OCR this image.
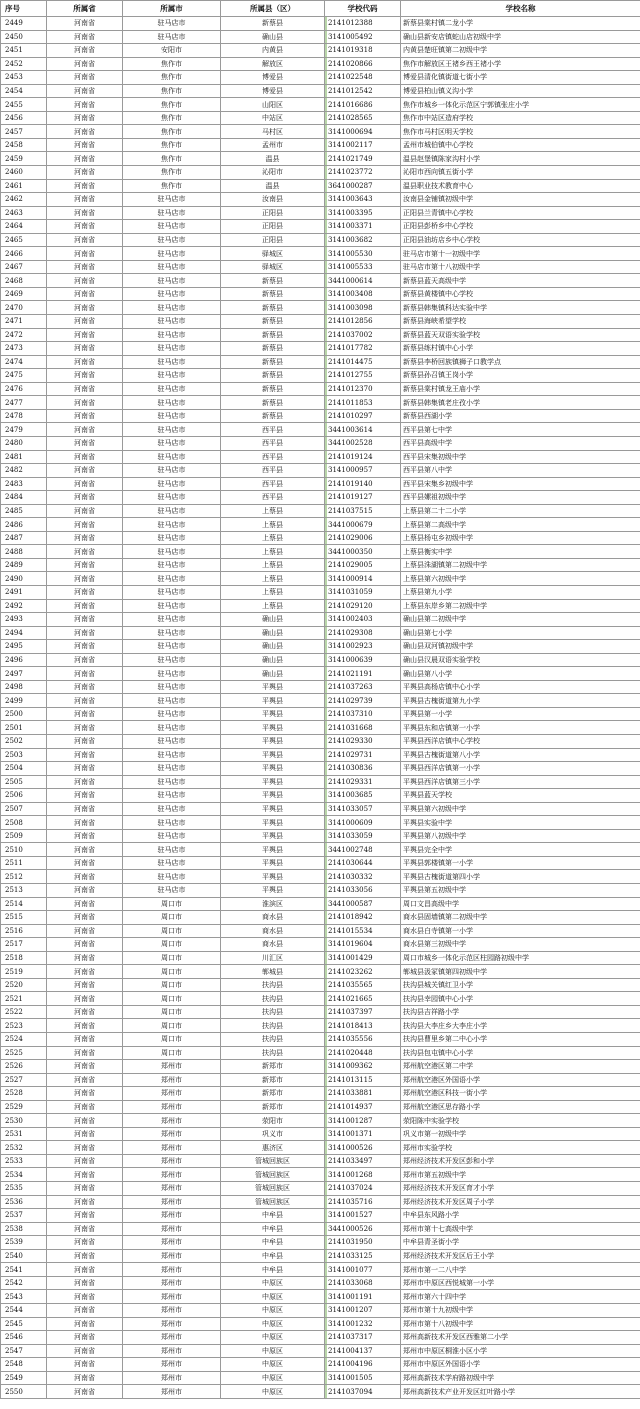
序号	所属省	所属市	所属县（区）	学校代码	学校名称
2449	河南省	驻马店市	新蔡县	2141012388	新蔡县棠村镇二龙小学
2450	河南省	驻马店市	确山县	3141005492	确山县新安店镇蛇山店初级中学
2451	河南省	安阳市	内黄县	2141019318	内黄县楚旺镇第二初级中学
2452	河南省	焦作市	解放区	2141020866	焦作市解放区王褚乡西王褚小学
2453	河南省	焦作市	博爱县	2141022548	博爱县清化镇街道七街小学
2454	河南省	焦作市	博爱县	2141012542	博爱县柏山镇义沟小学
2455	河南省	焦作市	山阳区	2141016686	焦作市城乡一体化示范区宁郭镇张庄小学
2456	河南省	焦作市	中站区	2141028565	焦作市中站区造府学校
2457	河南省	焦作市	马村区	3141000694	焦作市马村区明天学校
2458	河南省	焦作市	孟州市	3141002117	孟州市城伯镇中心学校
2459	河南省	焦作市	温县	2141021749	温县赵堡镇陈家沟村小学
2460	河南省	焦作市	沁阳市	2141023772	沁阳市西向镇五街小学
2461	河南省	焦作市	温县	3641000287	温县职业技术教育中心
2462	河南省	驻马店市	汝南县	3141003643	汝南县金铺镇初级中学
2463	河南省	驻马店市	正阳县	3141003395	正阳县兰青镇中心学校
2464	河南省	驻马店市	正阳县	3141003371	正阳县彭桥乡中心学校
2465	河南省	驻马店市	正阳县	3141003682	正阳县油坊店乡中心学校
2466	河南省	驻马店市	驿城区	3141005530	驻马店市第十一初级中学
2467	河南省	驻马店市	驿城区	3141005533	驻马店市第十八初级中学
2468	河南省	驻马店市	新蔡县	3441000614	新蔡县蓝天高级中学
2469	河南省	驻马店市	新蔡县	3141003408	新蔡县黄楼镇中心学校
2470	河南省	驻马店市	新蔡县	3141003098	新蔡县韩集镇科达实验中学
2471	河南省	驻马店市	新蔡县	2141012856	新蔡县海峡希望学校
2472	河南省	驻马店市	新蔡县	2141037002	新蔡县蓝天双语实验学校
2473	河南省	驻马店市	新蔡县	2141017782	新蔡县练村镇中心小学
2474	河南省	驻马店市	新蔡县	2141014475	新蔡县李桥回族镇狮子口教学点
2475	河南省	驻马店市	新蔡县	2141012755	新蔡县孙召镇王岗小学
2476	河南省	驻马店市	新蔡县	2141012370	新蔡县棠村镇龙王庙小学
2477	河南省	驻马店市	新蔡县	2141011853	新蔡县韩集镇老庄孜小学
2478	河南省	驻马店市	新蔡县	2141010297	新蔡县西湖小学
2479	河南省	驻马店市	西平县	3441003614	西平县第七中学
2480	河南省	驻马店市	西平县	3441002528	西平县高级中学
2481	河南省	驻马店市	西平县	2141019124	西平县宋集初级中学
2482	河南省	驻马店市	西平县	3141000957	西平县第八中学
2483	河南省	驻马店市	西平县	2141019140	西平县宋集乡初级中学
2484	河南省	驻马店市	西平县	2141019127	西平县嫘祖初级中学
2485	河南省	驻马店市	上蔡县	2141037515	上蔡县第二十二小学
2486	河南省	驻马店市	上蔡县	3441000679	上蔡县第二高级中学
2487	河南省	驻马店市	上蔡县	2141029006	上蔡县杨屯乡初级中学
2488	河南省	驻马店市	上蔡县	3441000350	上蔡县衡实中学
2489	河南省	驻马店市	上蔡县	2141029005	上蔡县洙湖镇第二初级中学
2490	河南省	驻马店市	上蔡县	3141000914	上蔡县第六初级中学
2491	河南省	驻马店市	上蔡县	3141031059	上蔡县第九小学
2492	河南省	驻马店市	上蔡县	2141029120	上蔡县东岸乡第二初级中学
2493	河南省	驻马店市	确山县	3141002403	确山县第二初级中学
2494	河南省	驻马店市	确山县	2141029308	确山县第七小学
2495	河南省	驻马店市	确山县	3141002923	确山县双河镇初级中学
2496	河南省	驻马店市	确山县	3141000639	确山县汉晨双语实验学校
2497	河南省	驻马店市	确山县	2141021191	确山县第八小学
2498	河南省	驻马店市	平舆县	2141037263	平舆县高杨店镇中心小学
2499	河南省	驻马店市	平舆县	2141029739	平舆县古槐街道第九小学
2500	河南省	驻马店市	平舆县	2141037310	平舆县第一小学
2501	河南省	驻马店市	平舆县	2141031668	平舆县东和店镇第一小学
2502	河南省	驻马店市	平舆县	2141029330	平舆县西洋店镇中心学校
2503	河南省	驻马店市	平舆县	2141029731	平舆县古槐街道第八小学
2504	河南省	驻马店市	平舆县	2141030836	平舆县西洋店镇第一小学
2505	河南省	驻马店市	平舆县	2141029331	平舆县西洋店镇第三小学
2506	河南省	驻马店市	平舆县	3141003685	平舆县蓝天学校
2507	河南省	驻马店市	平舆县	3141033057	平舆县第六初级中学
2508	河南省	驻马店市	平舆县	3141000609	平舆县实验中学
2509	河南省	驻马店市	平舆县	3141033059	平舆县第八初级中学
2510	河南省	驻马店市	平舆县	3441002748	平舆县完全中学
2511	河南省	驻马店市	平舆县	2141030644	平舆县郭楼镇第一小学
2512	河南省	驻马店市	平舆县	2141030332	平舆县古槐街道第四小学
2513	河南省	驻马店市	平舆县	2141033056	平舆县第五初级中学
2514	河南省	周口市	淮滨区	3441000587	周口文昌高级中学
2515	河南省	周口市	商水县	2141018942	商水县固墙镇第二初级中学
2516	河南省	周口市	商水县	2141015534	商水县白寺镇第一小学
2517	河南省	周口市	商水县	3141019604	商水县第三初级中学
2518	河南省	周口市	川汇区	3141001429	周口市城乡一体化示范区柱园路初级中学
2519	河南省	周口市	郸城县	2141023262	郸城县汲冢镇第四初级中学
2520	河南省	周口市	扶沟县	2141035565	扶沟县城关镇红卫小学
2521	河南省	周口市	扶沟县	2141021665	扶沟县幸园镇中心小学
2522	河南省	周口市	扶沟县	2141037397	扶沟县吉祥路小学
2523	河南省	周口市	扶沟县	2141018413	扶沟县大李庄乡大李庄小学
2524	河南省	周口市	扶沟县	2141035556	扶沟县曹里乡第二中心小学
2525	河南省	周口市	扶沟县	2141020448	扶沟县包屯镇中心小学
2526	河南省	郑州市	新郑市	3141009362	郑州航空港区第二中学
2527	河南省	郑州市	新郑市	2141013115	郑州航空港区外国语小学
2528	河南省	郑州市	新郑市	2141033881	郑州航空港区科技一街小学
2529	河南省	郑州市	新郑市	2141014937	郑州航空港区思存路小学
2530	河南省	郑州市	荥阳市	3141001287	荥阳陈中实验学校
2531	河南省	郑州市	巩义市	3141001371	巩义市第一初级中学
2532	河南省	郑州市	惠济区	3141000526	郑州市实验学校
2533	河南省	郑州市	管城回族区	2141033497	郑州经济技术开发区彭和小学
2534	河南省	郑州市	管城回族区	3141001268	郑州市第五初级中学
2535	河南省	郑州市	管城回族区	2141037024	郑州经济技术开发区育才小学
2536	河南省	郑州市	管城回族区	2141035716	郑州经济技术开发区周子小学
2537	河南省	郑州市	中牟县	3141001527	中牟县东风路小学
2538	河南省	郑州市	中牟县	3441000526	郑州市第十七高级中学
2539	河南省	郑州市	中牟县	2141031950	中牟县青圣街小学
2540	河南省	郑州市	中牟县	2141033125	郑州经济技术开发区后王小学
2541	河南省	郑州市	中牟县	3141001077	郑州市第一二八中学
2542	河南省	郑州市	中原区	2141033068	郑州市中原区西悦城第一小学
2543	河南省	郑州市	中原区	3141001191	郑州市第六十四中学
2544	河南省	郑州市	中原区	3141001207	郑州市第十九初级中学
2545	河南省	郑州市	中原区	3141001232	郑州市第十八初级中学
2546	河南省	郑州市	中原区	2141037317	郑州高新技术开发区西雅第二小学
2547	河南省	郑州市	中原区	2141004137	郑州市中原区桐淮小区小学
2548	河南省	郑州市	中原区	2141004196	郑州市中原区外国语小学
2549	河南省	郑州市	中原区	3141001505	郑州高新技术学府路初级中学
2550	河南省	郑州市	中原区	2141037094	郑州高新技术产业开发区红叶路小学
